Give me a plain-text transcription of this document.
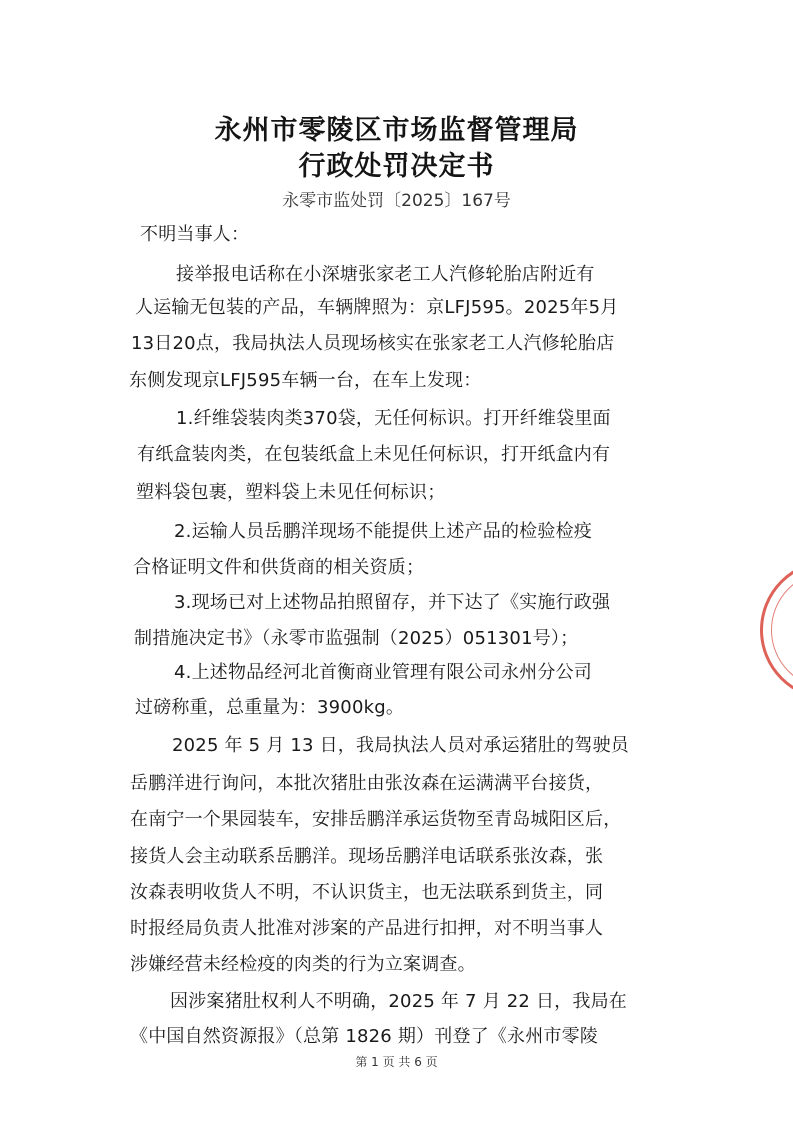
永州市零陵区市场监督管理局
行政处罚决定书
永零市监处罚〔2025〕167号
不明当事人：
接举报电话称在小深塘张家老工人汽修轮胎店附近有
人运输无包装的产品，车辆牌照为：京LFJ595。2025年5月
13日20点，我局执法人员现场核实在张家老工人汽修轮胎店
东侧发现京LFJ595车辆一台，在车上发现：
1.纤维袋装肉类370袋，无任何标识。打开纤维袋里面
有纸盒装肉类，在包装纸盒上未见任何标识，打开纸盒内有
塑料袋包裹，塑料袋上未见任何标识；
2.运输人员岳鹏洋现场不能提供上述产品的检验检疫
合格证明文件和供货商的相关资质；
3.现场已对上述物品拍照留存，并下达了《实施行政强
制措施决定书》（永零市监强制（2025）051301号）；
4.上述物品经河北首衡商业管理有限公司永州分公司
过磅称重，总重量为：3900kg。
2025 年 5 月 13 日，我局执法人员对承运猪肚的驾驶员
岳鹏洋进行询问，本批次猪肚由张汝森在运满满平台接货，
在南宁一个果园装车，安排岳鹏洋承运货物至青岛城阳区后，
接货人会主动联系岳鹏洋。现场岳鹏洋电话联系张汝森，张
汝森表明收货人不明，不认识货主，也无法联系到货主，同
时报经局负责人批准对涉案的产品进行扣押，对不明当事人
涉嫌经营未经检疫的肉类的行为立案调查。
因涉案猪肚权利人不明确，2025 年 7 月 22 日，我局在
《中国自然资源报》（总第 1826 期）刊登了《永州市零陵
第 1 页 共 6 页
